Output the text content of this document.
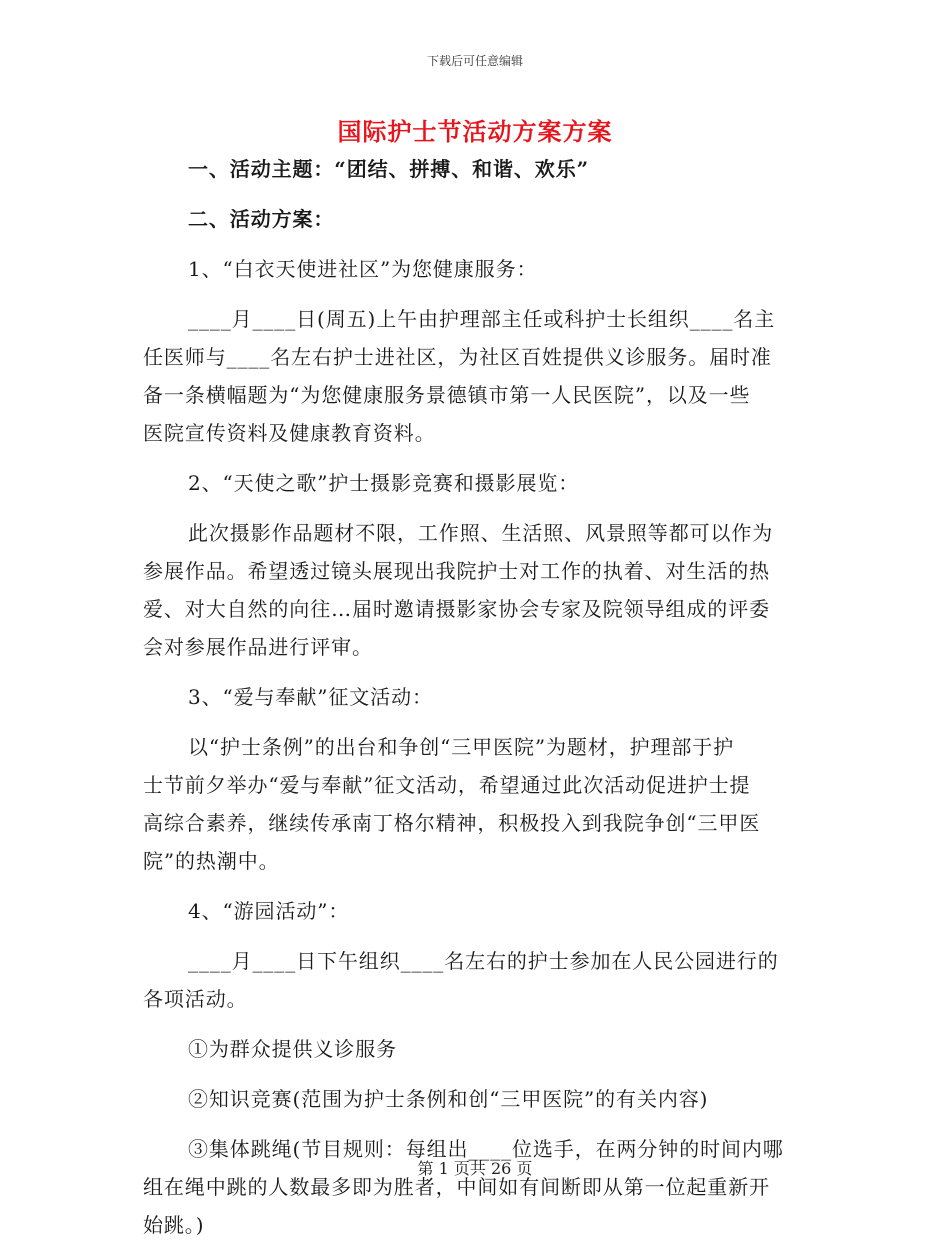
下载后可任意编辑
国际护士节活动方案方案
一、活动主题：“团结、拼搏、和谐、欢乐”
二、活动方案：
1、“白衣天使进社区”为您健康服务：
____月____日(周五)上午由护理部主任或科护士长组织____名主
任医师与____名左右护士进社区，为社区百姓提供义诊服务。届时准
备一条横幅题为“为您健康服务景德镇市第一人民医院”，以及一些
医院宣传资料及健康教育资料。
2、“天使之歌”护士摄影竞赛和摄影展览：
此次摄影作品题材不限，工作照、生活照、风景照等都可以作为
参展作品。希望透过镜头展现出我院护士对工作的执着、对生活的热
爱、对大自然的向往…届时邀请摄影家协会专家及院领导组成的评委
会对参展作品进行评审。
3、“爱与奉献”征文活动：
以“护士条例”的出台和争创“三甲医院”为题材，护理部于护
士节前夕举办“爱与奉献”征文活动，希望通过此次活动促进护士提
高综合素养，继续传承南丁格尔精神，积极投入到我院争创“三甲医
院”的热潮中。
4、“游园活动”：
____月____日下午组织____名左右的护士参加在人民公园进行的
各项活动。
①为群众提供义诊服务
②知识竞赛(范围为护士条例和创“三甲医院”的有关内容)
③集体跳绳(节目规则：每组出____位选手，在两分钟的时间内哪
组在绳中跳的人数最多即为胜者，中间如有间断即从第一位起重新开
始跳。)
第 1 页共 26 页
